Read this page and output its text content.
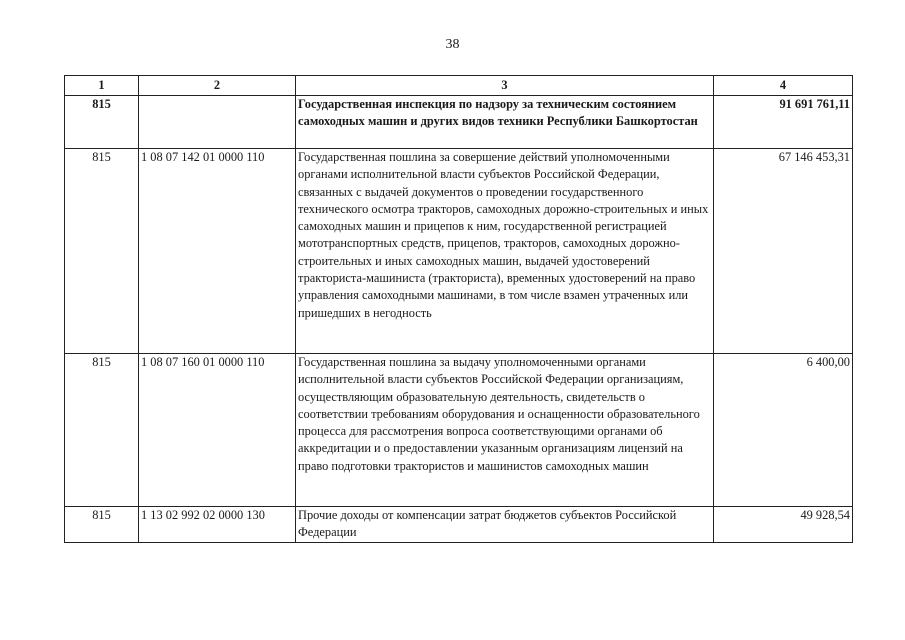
38
1	2	3	4
815		Государственная инспекция по надзору за техническим состоянием самоходных машин и других видов техники Республики Башкортостан	91 691 761,11
815	1 08 07 142 01 0000 110	Государственная пошлина за совершение действий уполномоченными органами исполнительной власти субъектов Российской Федерации, связанных с выдачей документов о проведении государственного технического осмотра тракторов, самоходных дорожно-строительных и иных самоходных машин и прицепов к ним, государственной регистрацией мототранспортных средств, прицепов, тракторов, самоходных дорожно-строительных и иных самоходных машин, выдачей удостоверений тракториста-машиниста (тракториста), временных удостоверений на право управления самоходными машинами, в том числе взамен утраченных или пришедших в негодность	67 146 453,31
815	1 08 07 160 01 0000 110	Государственная пошлина за выдачу уполномоченными органами исполнительной власти субъектов Российской Федерации организациям, осуществляющим образовательную деятельность, свидетельств о соответствии требованиям оборудования и оснащенности образовательного процесса для рассмотрения вопроса соответствующими органами об аккредитации и о предоставлении указанным организациям лицензий на право подготовки трактористов и машинистов самоходных машин	6 400,00
815	1 13 02 992 02 0000 130	Прочие доходы от компенсации затрат бюджетов субъектов Российской Федерации	49 928,54
